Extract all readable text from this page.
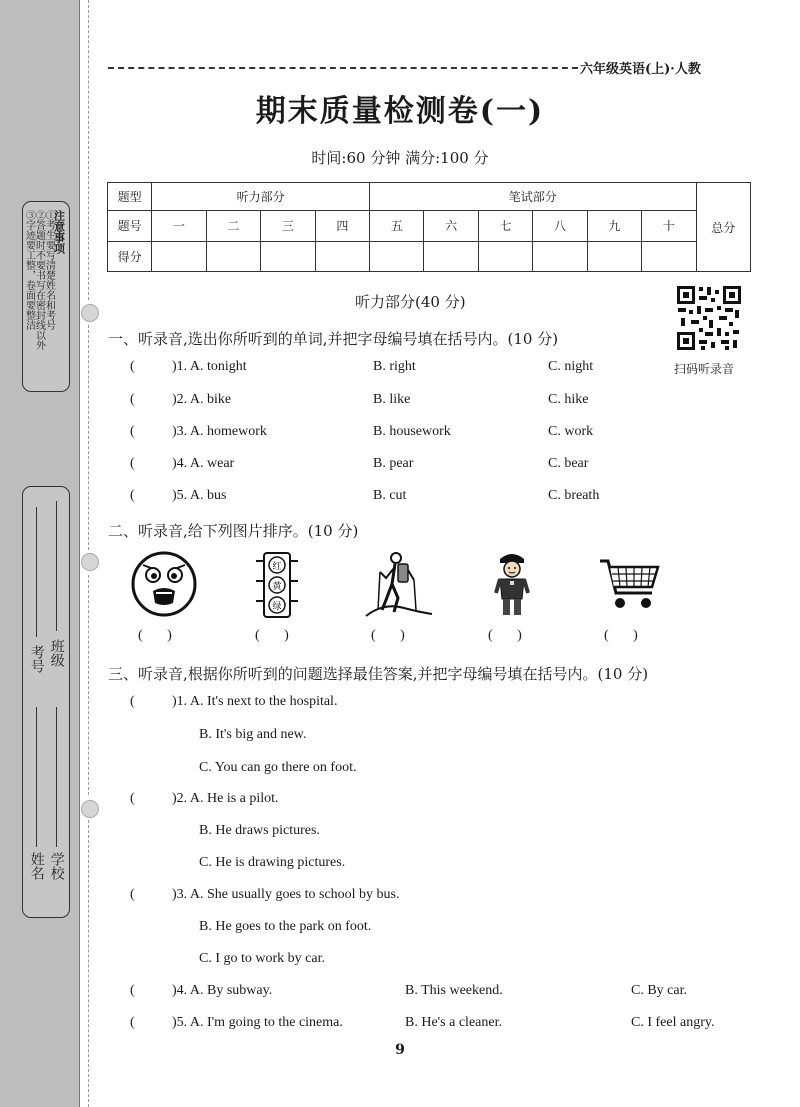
注意事项
①考生要写清楚姓名和考号
②答题时不要书写在密封线以外
③字迹要工整，卷面要整洁
班级
考号
学校
姓名
六年级英语(上)·人教
期末质量检测卷(一)
时间:60 分钟 满分:100 分
题型	听力部分				笔试部分						总分
题号	一	二	三	四	五	六	七	八	九	十	
得分											
听力部分(40 分)
扫码听录音
一、听录音,选出你所听到的单词,并把字母编号填在括号内。(10 分)
(	)1. A. tonight	B. right	C. night
(	)2. A. bike	B. like	C. hike
(	)3. A. homework	B. housework	C. work
(	)4. A. wear	B. pear	C. bear
(	)5. A. bus	B. cut	C. breath
二、听录音,给下列图片排序。(10 分)
红
黄
绿
(       )	(       )	(       )	(       )	(       )
三、听录音,根据你所听到的问题选择最佳答案,并把字母编号填在括号内。(10 分)
(	)1. A. It's next to the hospital.
B. It's big and new.
C. You can go there on foot.
(	)2. A. He is a pilot.
B. He draws pictures.
C. He is drawing pictures.
(	)3. A. She usually goes to school by bus.
B. He goes to the park on foot.
C. I go to work by car.
(	)4. A. By subway.	B. This weekend.	C. By car.
(	)5. A. I'm going to the cinema.	B. He's a cleaner.	C. I feel angry.
9
